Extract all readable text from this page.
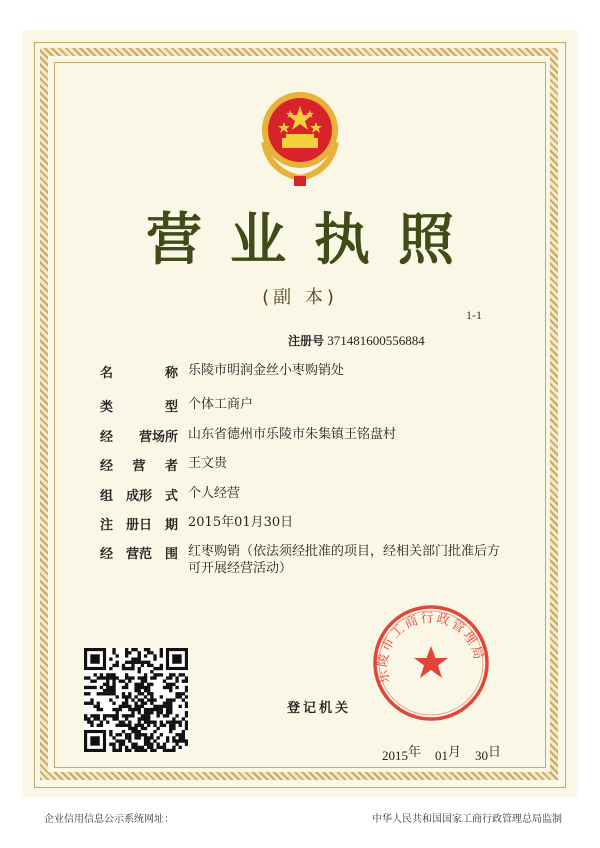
营业执照
(副 本)
1-1
注册号 371481600556884
名	称 乐陵市明润金丝小枣购销处
类	型 个体工商户
经 营场所 山东省德州市乐陵市朱集镇王铭盘村
经 营 者 王文贵
组 成形 式 个人经营
注 册日 期 2015年01月30日
经 营范 围 红枣购销（依法须经批准的项目，经相关部门批准后方可开展经营活动）
乐陵市工商行政管理局
登记机关
2015年 01月 30日
企业信用信息公示系统网址：	中华人民共和国国家工商行政管理总局监制
